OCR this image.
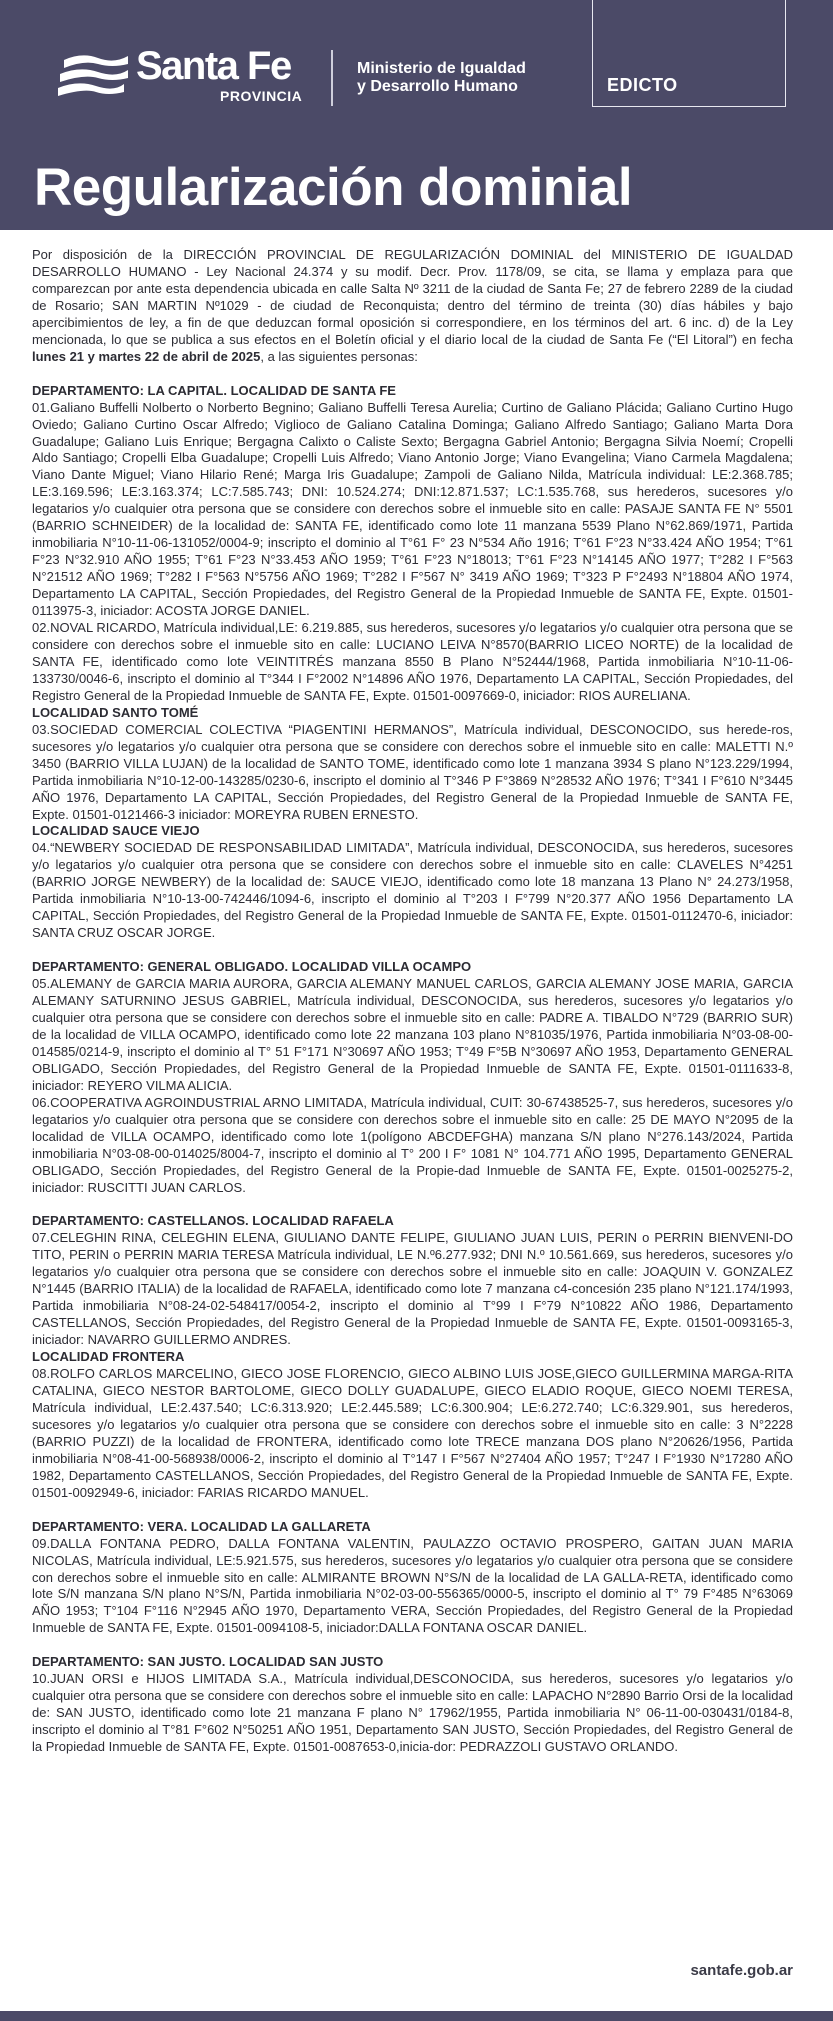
Santa Fe
PROVINCIA
Ministerio de Igualdad
y Desarrollo Humano	EDICTO
Regularización dominial

Por disposición de la DIRECCIÓN PROVINCIAL DE REGULARIZACIÓN DOMINIAL del MINISTERIO DE IGUALDAD DESARROLLO HUMANO - Ley Nacional 24.374 y su modif. Decr. Prov. 1178/09, se cita, se llama y emplaza para que comparezcan por ante esta dependencia ubicada en calle Salta Nº 3211 de la ciudad de Santa Fe; 27 de febrero 2289 de la ciudad de Rosario; SAN MARTIN Nº1029 - de ciudad de Reconquista; dentro del término de treinta (30) días hábiles y bajo apercibimientos de ley, a fin de que deduzcan formal oposición si correspondiere, en los términos del art. 6 inc. d) de la Ley mencionada, lo que se publica a sus efectos en el Boletín oficial y el diario local de la ciudad de Santa Fe (“El Litoral”) en fecha lunes 21 y martes 22 de abril de 2025, a las siguientes personas:

DEPARTAMENTO: LA CAPITAL. LOCALIDAD DE SANTA FE

01.Galiano Buffelli Nolberto o Norberto Begnino; Galiano Buffelli Teresa Aurelia; Curtino de Galiano Plácida; Galiano Curtino Hugo Oviedo; Galiano Curtino Oscar Alfredo; Viglioco de Galiano Catalina Dominga; Galiano Alfredo Santiago; Galiano Marta Dora Guadalupe; Galiano Luis Enrique; Bergagna Calixto o Caliste Sexto; Bergagna Gabriel Antonio; Bergagna Silvia Noemí; Cropelli Aldo Santiago; Cropelli Elba Guadalupe; Cropelli Luis Alfredo; Viano Antonio Jorge; Viano Evangelina; Viano Carmela Magdalena; Viano Dante Miguel; Viano Hilario René; Marga Iris Guadalupe; Zampoli de Galiano Nilda, Matrícula individual: LE:2.368.785; LE:3.169.596; LE:3.163.374; LC:7.585.743; DNI: 10.524.274; DNI:12.871.537; LC:1.535.768, sus herederos, sucesores y/o legatarios y/o cualquier otra persona que se considere con derechos sobre el inmueble sito en calle: PASAJE SANTA FE N° 5501 (BARRIO SCHNEIDER) de la localidad de: SANTA FE, identificado como lote 11 manzana 5539 Plano N°62.869/1971, Partida inmobiliaria N°10-11-06-131052/0004-9; inscripto el dominio al T°61 F° 23 N°534 Año 1916; T°61 F°23 N°33.424 AÑO 1954; T°61 F°23 N°32.910 AÑO 1955; T°61 F°23 N°33.453 AÑO 1959; T°61 F°23 N°18013; T°61 F°23 N°14145 AÑO 1977; T°282 I F°563 N°21512 AÑO 1969; T°282 I F°563 N°5756 AÑO 1969; T°282 I F°567 N° 3419 AÑO 1969; T°323 P F°2493 N°18804 AÑO 1974, Departamento LA CAPITAL, Sección Propiedades, del Registro General de la Propiedad Inmueble de SANTA FE, Expte. 01501-0113975-3, iniciador: ACOSTA JORGE DANIEL.

02.NOVAL RICARDO, Matrícula individual,LE: 6.219.885, sus herederos, sucesores y/o legatarios y/o cualquier otra persona que se considere con derechos sobre el inmueble sito en calle: LUCIANO LEIVA N°8570(BARRIO LICEO NORTE) de la localidad de SANTA FE, identificado como lote VEINTITRÉS manzana 8550 B Plano N°52444/1968, Partida inmobiliaria N°10-11-06-133730/0046-6, inscripto el dominio al T°344 I F°2002 N°14896 AÑO 1976, Departamento LA CAPITAL, Sección Propiedades, del Registro General de la Propiedad Inmueble de SANTA FE, Expte. 01501-0097669-0, iniciador: RIOS AURELIANA.

LOCALIDAD SANTO TOMÉ

03.SOCIEDAD COMERCIAL COLECTIVA “PIAGENTINI HERMANOS”, Matrícula individual, DESCONOCIDO, sus herede-ros, sucesores y/o legatarios y/o cualquier otra persona que se considere con derechos sobre el inmueble sito en calle: MALETTI N.º 3450 (BARRIO VILLA LUJAN) de la localidad de SANTO TOME, identificado como lote 1 manzana 3934 S plano N°123.229/1994, Partida inmobiliaria N°10-12-00-143285/0230-6, inscripto el dominio al T°346 P F°3869 N°28532 AÑO 1976; T°341 I F°610 N°3445 AÑO 1976, Departamento LA CAPITAL, Sección Propiedades, del Registro General de la Propiedad Inmueble de SANTA FE, Expte. 01501-0121466-3 iniciador: MOREYRA RUBEN ERNESTO.

LOCALIDAD SAUCE VIEJO

04.“NEWBERY SOCIEDAD DE RESPONSABILIDAD LIMITADA”, Matrícula individual, DESCONOCIDA, sus herederos, sucesores y/o legatarios y/o cualquier otra persona que se considere con derechos sobre el inmueble sito en calle: CLAVELES N°4251 (BARRIO JORGE NEWBERY) de la localidad de: SAUCE VIEJO, identificado como lote 18 manzana 13 Plano N° 24.273/1958, Partida inmobiliaria N°10-13-00-742446/1094-6, inscripto el dominio al T°203 I F°799 N°20.377 AÑO 1956 Departamento LA CAPITAL, Sección Propiedades, del Registro General de la Propiedad Inmueble de SANTA FE, Expte. 01501-0112470-6, iniciador: SANTA CRUZ OSCAR JORGE.

DEPARTAMENTO: GENERAL OBLIGADO. LOCALIDAD VILLA OCAMPO

05.ALEMANY de GARCIA MARIA AURORA, GARCIA ALEMANY MANUEL CARLOS, GARCIA ALEMANY JOSE MARIA, GARCIA ALEMANY SATURNINO JESUS GABRIEL, Matrícula individual, DESCONOCIDA, sus herederos, sucesores y/o legatarios y/o cualquier otra persona que se considere con derechos sobre el inmueble sito en calle: PADRE A. TIBALDO N°729 (BARRIO SUR) de la localidad de VILLA OCAMPO, identificado como lote 22 manzana 103 plano N°81035/1976, Partida inmobiliaria N°03-08-00-014585/0214-9, inscripto el dominio al T° 51 F°171 N°30697 AÑO 1953; T°49 F°5B N°30697 AÑO 1953, Departamento GENERAL OBLIGADO, Sección Propiedades, del Registro General de la Propiedad Inmueble de SANTA FE, Expte. 01501-0111633-8, iniciador: REYERO VILMA ALICIA.

06.COOPERATIVA AGROINDUSTRIAL ARNO LIMITADA, Matrícula individual, CUIT: 30-67438525-7, sus herederos, sucesores y/o legatarios y/o cualquier otra persona que se considere con derechos sobre el inmueble sito en calle: 25 DE MAYO N°2095 de la localidad de VILLA OCAMPO, identificado como lote 1(polígono ABCDEFGHA) manzana S/N plano N°276.143/2024, Partida inmobiliaria N°03-08-00-014025/8004-7, inscripto el dominio al T° 200 I F° 1081 N° 104.771 AÑO 1995, Departamento GENERAL OBLIGADO, Sección Propiedades, del Registro General de la Propie-dad Inmueble de SANTA FE, Expte. 01501-0025275-2, iniciador: RUSCITTI JUAN CARLOS.

DEPARTAMENTO: CASTELLANOS. LOCALIDAD RAFAELA

07.CELEGHIN RINA, CELEGHIN ELENA, GIULIANO DANTE FELIPE, GIULIANO JUAN LUIS, PERIN o PERRIN BIENVENI-DO TITO, PERIN o PERRIN MARIA TERESA Matrícula individual, LE N.º6.277.932; DNI N.º 10.561.669, sus herederos, sucesores y/o legatarios y/o cualquier otra persona que se considere con derechos sobre el inmueble sito en calle: JOAQUIN V. GONZALEZ N°1445 (BARRIO ITALIA) de la localidad de RAFAELA, identificado como lote 7 manzana c4-concesión 235 plano N°121.174/1993, Partida inmobiliaria N°08-24-02-548417/0054-2, inscripto el dominio al T°99 I F°79 N°10822 AÑO 1986, Departamento CASTELLANOS, Sección Propiedades, del Registro General de la Propiedad Inmueble de SANTA FE, Expte. 01501-0093165-3, iniciador: NAVARRO GUILLERMO ANDRES.

LOCALIDAD FRONTERA

08.ROLFO CARLOS MARCELINO, GIECO JOSE FLORENCIO, GIECO ALBINO LUIS JOSE,GIECO GUILLERMINA MARGA-RITA CATALINA, GIECO NESTOR BARTOLOME, GIECO DOLLY GUADALUPE, GIECO ELADIO ROQUE, GIECO NOEMI TERESA, Matrícula individual, LE:2.437.540; LC:6.313.920; LE:2.445.589; LC:6.300.904; LE:6.272.740; LC:6.329.901, sus herederos, sucesores y/o legatarios y/o cualquier otra persona que se considere con derechos sobre el inmueble sito en calle: 3 N°2228 (BARRIO PUZZI) de la localidad de FRONTERA, identificado como lote TRECE manzana DOS plano N°20626/1956, Partida inmobiliaria N°08-41-00-568938/0006-2, inscripto el dominio al T°147 I F°567 N°27404 AÑO 1957; T°247 I F°1930 N°17280 AÑO 1982, Departamento CASTELLANOS, Sección Propiedades, del Registro General de la Propiedad Inmueble de SANTA FE, Expte. 01501-0092949-6, iniciador: FARIAS RICARDO MANUEL.

DEPARTAMENTO: VERA. LOCALIDAD LA GALLARETA

09.DALLA FONTANA PEDRO, DALLA FONTANA VALENTIN, PAULAZZO OCTAVIO PROSPERO, GAITAN JUAN MARIA NICOLAS, Matrícula individual, LE:5.921.575, sus herederos, sucesores y/o legatarios y/o cualquier otra persona que se considere con derechos sobre el inmueble sito en calle: ALMIRANTE BROWN N°S/N de la localidad de LA GALLA-RETA, identificado como lote S/N manzana S/N plano N°S/N, Partida inmobiliaria N°02-03-00-556365/0000-5, inscripto el dominio al T° 79 F°485 N°63069 AÑO 1953; T°104 F°116 N°2945 AÑO 1970, Departamento VERA, Sección Propiedades, del Registro General de la Propiedad Inmueble de SANTA FE, Expte. 01501-0094108-5, iniciador:DALLA FONTANA OSCAR DANIEL.

DEPARTAMENTO: SAN JUSTO. LOCALIDAD SAN JUSTO

10.JUAN ORSI e HIJOS LIMITADA S.A., Matrícula individual,DESCONOCIDA, sus herederos, sucesores y/o legatarios y/o cualquier otra persona que se considere con derechos sobre el inmueble sito en calle: LAPACHO N°2890 Barrio Orsi de la localidad de: SAN JUSTO, identificado como lote 21 manzana F plano N° 17962/1955, Partida inmobiliaria N° 06-11-00-030431/0184-8, inscripto el dominio al T°81 F°602 N°50251 AÑO 1951, Departamento SAN JUSTO, Sección Propiedades, del Registro General de la Propiedad Inmueble de SANTA FE, Expte. 01501-0087653-0,inicia-dor: PEDRAZZOLI GUSTAVO ORLANDO.

santafe.gob.ar
